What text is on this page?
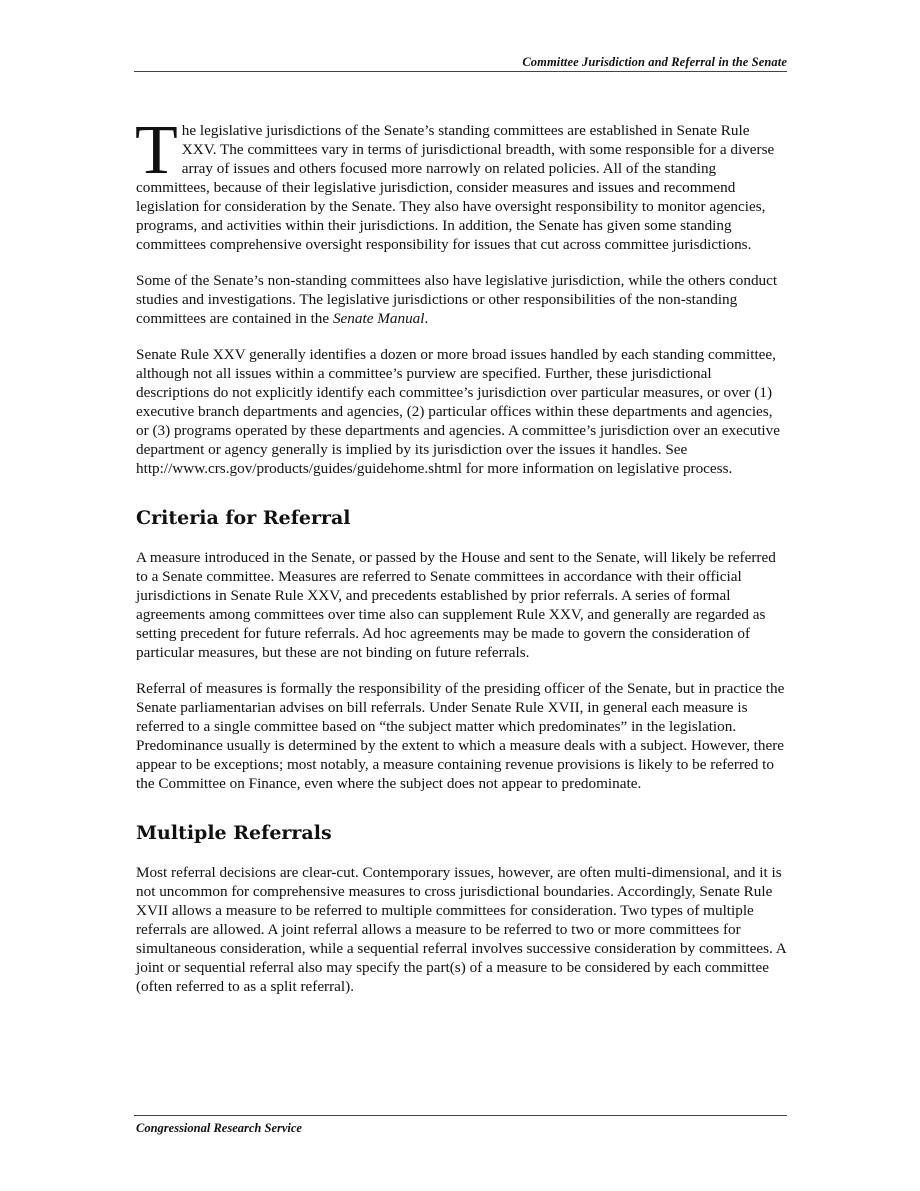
Committee Jurisdiction and Referral in the Senate

The legislative jurisdictions of the Senate’s standing committees are established in Senate Rule XXV. The committees vary in terms of jurisdictional breadth, with some responsible for a diverse array of issues and others focused more narrowly on related policies. All of the standing committees, because of their legislative jurisdiction, consider measures and issues and recommend legislation for consideration by the Senate. They also have oversight responsibility to monitor agencies, programs, and activities within their jurisdictions. In addition, the Senate has given some standing committees comprehensive oversight responsibility for issues that cut across committee jurisdictions.

Some of the Senate’s non-standing committees also have legislative jurisdiction, while the others conduct studies and investigations. The legislative jurisdictions or other responsibilities of the non-standing committees are contained in the Senate Manual.

Senate Rule XXV generally identifies a dozen or more broad issues handled by each standing committee, although not all issues within a committee’s purview are specified. Further, these jurisdictional descriptions do not explicitly identify each committee’s jurisdiction over particular measures, or over (1) executive branch departments and agencies, (2) particular offices within these departments and agencies, or (3) programs operated by these departments and agencies. A committee’s jurisdiction over an executive department or agency generally is implied by its jurisdiction over the issues it handles. See http://www.crs.gov/products/guides/guidehome.shtml for more information on legislative process.

Criteria for Referral

A measure introduced in the Senate, or passed by the House and sent to the Senate, will likely be referred to a Senate committee. Measures are referred to Senate committees in accordance with their official jurisdictions in Senate Rule XXV, and precedents established by prior referrals. A series of formal agreements among committees over time also can supplement Rule XXV, and generally are regarded as setting precedent for future referrals. Ad hoc agreements may be made to govern the consideration of particular measures, but these are not binding on future referrals.

Referral of measures is formally the responsibility of the presiding officer of the Senate, but in practice the Senate parliamentarian advises on bill referrals. Under Senate Rule XVII, in general each measure is referred to a single committee based on “the subject matter which predominates” in the legislation. Predominance usually is determined by the extent to which a measure deals with a subject. However, there appear to be exceptions; most notably, a measure containing revenue provisions is likely to be referred to the Committee on Finance, even where the subject does not appear to predominate.

Multiple Referrals

Most referral decisions are clear-cut. Contemporary issues, however, are often multi-dimensional, and it is not uncommon for comprehensive measures to cross jurisdictional boundaries. Accordingly, Senate Rule XVII allows a measure to be referred to multiple committees for consideration. Two types of multiple referrals are allowed. A joint referral allows a measure to be referred to two or more committees for simultaneous consideration, while a sequential referral involves successive consideration by committees. A joint or sequential referral also may specify the part(s) of a measure to be considered by each committee (often referred to as a split referral).

Congressional Research Service
